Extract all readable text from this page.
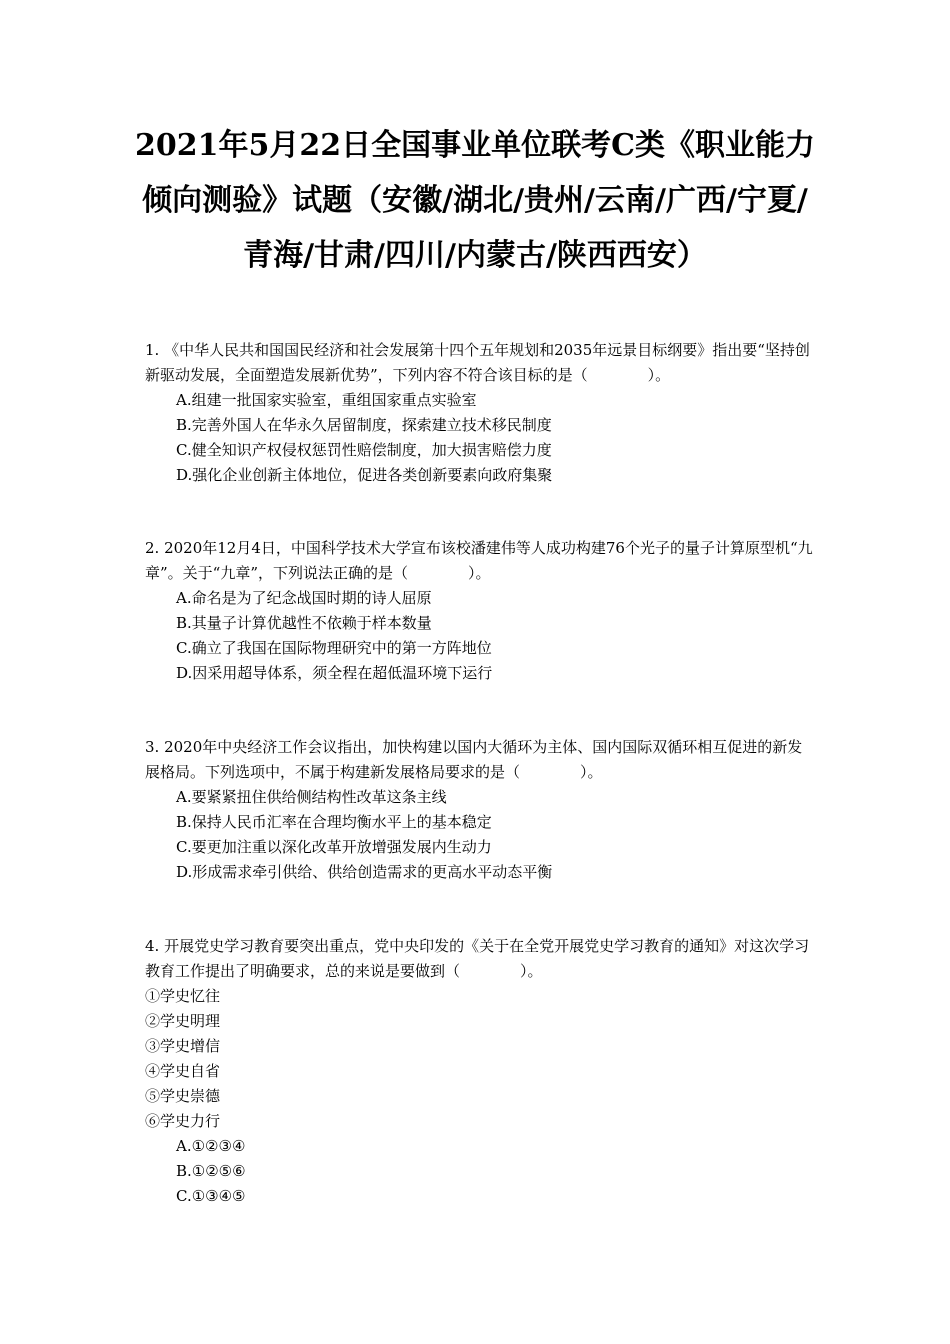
2021年5月22日全国事业单位联考C类《职业能力
倾向测验》试题（安徽/湖北/贵州/云南/广西/宁夏/
青海/甘肃/四川/内蒙古/陕西西安）

1. 《中华人民共和国国民经济和社会发展第十四个五年规划和2035年远景目标纲要》指出要“坚持创新驱动发展，全面塑造发展新优势”，下列内容不符合该目标的是（　　　　）。

A.组建一批国家实验室，重组国家重点实验室
B.完善外国人在华永久居留制度，探索建立技术移民制度
C.健全知识产权侵权惩罚性赔偿制度，加大损害赔偿力度
D.强化企业创新主体地位，促进各类创新要素向政府集聚

2. 2020年12月4日，中国科学技术大学宣布该校潘建伟等人成功构建76个光子的量子计算原型机“九章”。关于“九章”，下列说法正确的是（　　　　）。

A.命名是为了纪念战国时期的诗人屈原
B.其量子计算优越性不依赖于样本数量
C.确立了我国在国际物理研究中的第一方阵地位
D.因采用超导体系，须全程在超低温环境下运行

3. 2020年中央经济工作会议指出，加快构建以国内大循环为主体、国内国际双循环相互促进的新发展格局。下列选项中，不属于构建新发展格局要求的是（　　　　）。

A.要紧紧扭住供给侧结构性改革这条主线
B.保持人民币汇率在合理均衡水平上的基本稳定
C.要更加注重以深化改革开放增强发展内生动力
D.形成需求牵引供给、供给创造需求的更高水平动态平衡

4. 开展党史学习教育要突出重点，党中央印发的《关于在全党开展党史学习教育的通知》对这次学习教育工作提出了明确要求，总的来说是要做到（　　　　）。

①学史忆往
②学史明理
③学史增信
④学史自省
⑤学史崇德
⑥学史力行
A.①②③④
B.①②⑤⑥
C.①③④⑤
